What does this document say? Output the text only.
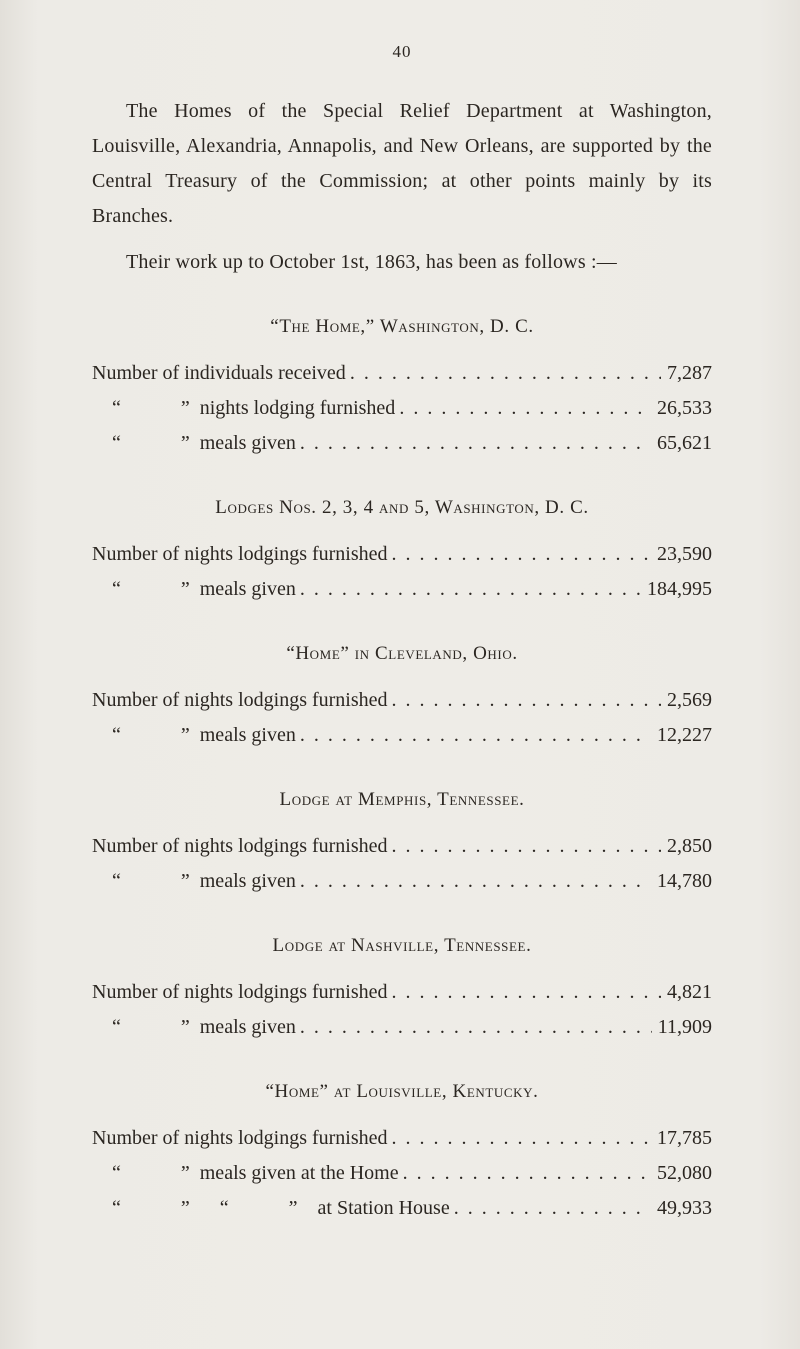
40

The Homes of the Special Relief Department at Washington, Louisville, Alexandria, Annapolis, and New Orleans, are supported by the Central Treasury of the Commission; at other points mainly by its Branches.

Their work up to October 1st, 1863, has been as follows :—

“The Home,” Washington, D. C.
Number of individuals received . . .	7,287
“            ”  nights lodging furnished . . .	26,533
“            ”  meals given . . .	65,621
Lodges Nos. 2, 3, 4 and 5, Washington, D. C.
Number of nights lodgings furnished . . .	23,590
“            ”  meals given . . .	184,995
“Home” in Cleveland, Ohio.
Number of nights lodgings furnished . . .	2,569
“            ”  meals given . . .	12,227
Lodge at Memphis, Tennessee.
Number of nights lodgings furnished . . .	2,850
“            ”  meals given . . .	14,780
Lodge at Nashville, Tennessee.
Number of nights lodgings furnished . . .	4,821
“            ”  meals given . . .	11,909
“Home” at Louisville, Kentucky.
Number of nights lodgings furnished . . .	17,785
“            ”  meals given at the Home . . .	52,080
“            ”      “            ”    at Station House . . .	49,933
